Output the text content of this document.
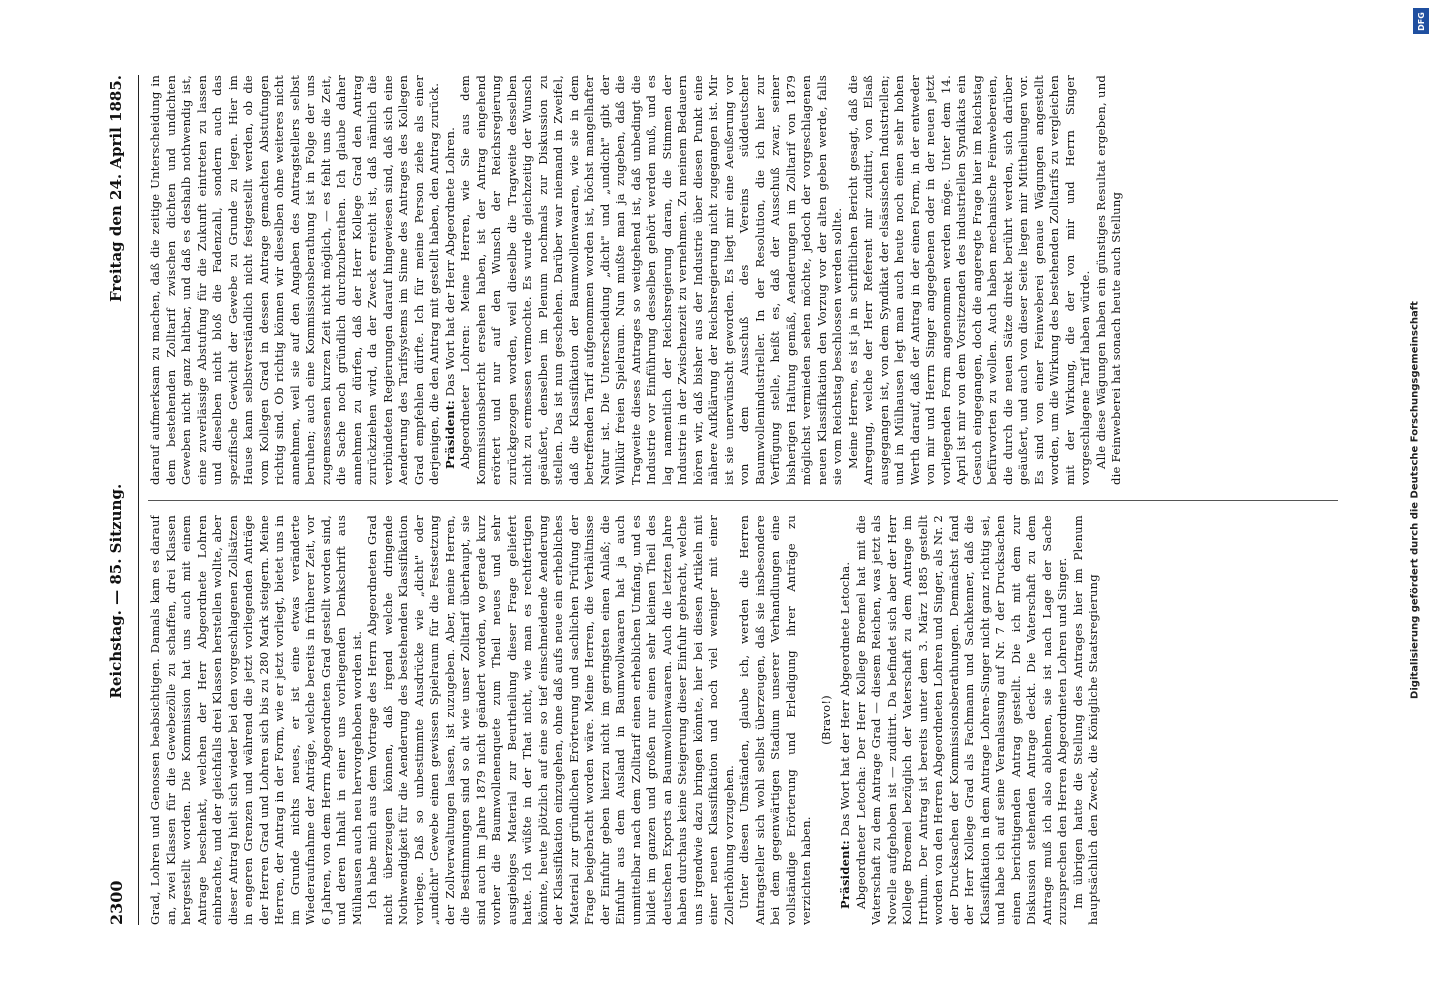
2300
Reichstag. — 85. Sitzung.
Freitag den 24. April 1885.

Grad, Lohren und Genossen beabsichtigen. Damals kam es darauf an, zwei Klassen für die Gewebezölle zu schaffen, drei Klassen hergestellt worden. Die Kommission hat uns auch mit einem Antrage beschenkt, welchen der Herr Abgeordnete Lohren einbrachte, und der gleichfalls drei Klassen herstellen wollte, aber dieser Antrag hielt sich wieder bei den vorgeschlagenen Zollsätzen in engeren Grenzen und während die jetzt vorliegenden Anträge der Herren Grad und Lohren sich bis zu 280 Mark steigern. Meine Herren, der Antrag in der Form, wie er jetzt vorliegt, bietet uns in im Grunde nichts neues, er ist eine etwas veränderte Wiederaufnahme der Anträge, welche bereits in früherer Zeit, vor 6 Jahren, von dem Herrn Abgeordneten Grad gestellt worden sind, und deren Inhalt in einer uns vorliegenden Denkschrift aus Mülhausen auch neu hervorgehoben worden ist. Ich habe mich aus dem Vortrage des Herrn Abgeordneten Grad nicht überzeugen können, daß irgend welche dringende Nothwendigkeit für die Aenderung des bestehenden Klassifikation vorliege. Daß so unbestimmte Ausdrücke wie „dicht" oder „undicht" Gewebe einen gewissen Spielraum für die Festsetzung der Zollverwaltungen lassen, ist zuzugeben. Aber, meine Herren, die Bestimmungen sind so alt wie unser Zolltarif überhaupt, sie sind auch im Jahre 1879 nicht geändert worden, wo gerade kurz vorher die Baumwollenenquete zum Theil neues und sehr ausgiebiges Material zur Beurtheilung dieser Frage geliefert hatte. Ich wüßte in der That nicht, wie man es rechtfertigen könnte, heute plötzlich auf eine so tief einschneidende Aenderung der Klassifikation einzugehen, ohne daß aufs neue ein erhebliches Material zur gründlichen Erörterung und sachlichen Prüfung der Frage beigebracht worden wäre. Meine Herren, die Verhältnisse der Einfuhr geben hierzu nicht im geringsten einen Anlaß; die Einfuhr aus dem Ausland in Baumwollwaaren hat ja auch unmittelbar nach dem Zolltarif einen erheblichen Umfang, und es bildet im ganzen und großen nur einen sehr kleinen Theil des deutschen Exports an Baumwollenwaaren. Auch die letzten Jahre haben durchaus keine Steigerung dieser Einfuhr gebracht, welche uns irgendwie dazu bringen könnte, hier bei diesen Artikeln mit einer neuen Klassifikation und noch viel weniger mit einer Zollerhöhung vorzugehen. Unter diesen Umständen, glaube ich, werden die Herren Antragsteller sich wohl selbst überzeugen, daß sie insbesondere bei dem gegenwärtigen Stadium unserer Verhandlungen eine vollständige Erörterung und Erledigung ihrer Anträge zu verzichten haben.

(Bravo!)

Präsident: Das Wort hat der Herr Abgeordnete Letocha. Abgeordneter Letocha: Der Herr Kollege Broemel hat mit die Vaterschaft zu dem Antrage Grad — diesem Reichen, was jetzt als Novelle aufgehoben ist — zuditirt. Da befindet sich aber der Herr Kollege Broemel bezüglich der Vaterschaft zu dem Antrage im Irrthum. Der Antrag ist bereits unter dem 3. März 1885 gestellt worden von den Herren Abgeordneten Lohren und Singer, als Nr. 2 der Drucksachen der Kommissionsberathungen. Demnächst fand der Herr Kollege Grad als Fachmann und Sachkenner, daß die Klassifikation in dem Antrage Lohren-Singer nicht ganz richtig sei, und habe ich auf seine Veranlassung auf Nr. 7 der Drucksachen einen berichtigenden Antrag gestellt. Die ich mit dem zur Diskussion stehenden Antrage deckt. Die Vaterschaft zu dem Antrage muß ich also ablehnen, sie ist nach Lage der Sache zuzusprechen den Herren Abgeordneten Lohren und Singer. Im übrigen hatte die Stellung des Antrages hier im Plenum hauptsächlich den Zweck, die Königliche Staatsregierung

darauf aufmerksam zu machen, daß die zeitige Unterscheidung in dem bestehenden Zolltarif zwischen dichten und undichten Geweben nicht ganz haltbar, und daß es deshalb nothwendig ist, eine zuverlässige Abstufung für die Zukunft eintreten zu lassen und dieselben nicht bloß die Fadenzahl, sondern auch das spezifische Gewicht der Gewebe zu Grunde zu legen. Hier im Hause kann selbstverständlich nicht festgestellt werden, ob die vom Kollegen Grad in dessen Antrage gemachten Abstufungen richtig sind. Ob richtig können wir dieselben ohne weiteres nicht annehmen, weil sie auf den Angaben des Antragstellers selbst beruhen; auch eine Kommissionsberathung ist in Folge der uns zugemessenen kurzen Zeit nicht möglich, — es fehlt uns die Zeit, die Sache noch gründlich durchzuberathen. Ich glaube daher annehmen zu dürfen, daß der Herr Kollege Grad den Antrag zurückziehen wird, da der Zweck erreicht ist, daß nämlich die verbündeten Regierungen darauf hingewiesen sind, daß sich eine Aenderung des Tarifsystems im Sinne des Antrages des Kollegen Grad empfehlen dürfte. Ich für meine Person ziehe als einer derjenigen, die den Antrag mit gestellt haben, den Antrag zurück. Präsident: Das Wort hat der Herr Abgeordnete Lohren. Abgeordneter Lohren: Meine Herren, wie Sie aus dem Kommissionsbericht ersehen haben, ist der Antrag eingehend erörtert und nur auf den Wunsch der Reichsregierung zurückgezogen worden, weil dieselbe die Tragweite desselben nicht zu ermessen vermochte. Es wurde gleichzeitig der Wunsch geäußert, denselben im Plenum nochmals zur Diskussion zu stellen. Das ist nun geschehen. Darüber war niemand in Zweifel, daß die Klassifikation der Baumwollenwaaren, wie sie in dem betreffenden Tarif aufgenommen worden ist, höchst mangelhafter Natur ist. Die Unterscheidung „dicht" und „undicht" gibt der Willkür freien Spielraum. Nun mußte man ja zugeben, daß die Tragweite dieses Antrages so weitgehend ist, daß unbedingt die Industrie vor Einführung desselben gehört werden muß, und es lag namentlich der Reichsregierung daran, die Stimmen der Industrie in der Zwischenzeit zu vernehmen. Zu meinem Bedauern hören wir, daß bisher aus der Industrie über diesen Punkt eine nähere Aufklärung der Reichsregierung nicht zugegangen ist. Mir ist sie unerwünscht geworden. Es liegt mir eine Aeußerung vor von dem Ausschuß des Vereins süddeutscher Baumwollenindustrieller. In der Resolution, die ich hier zur Verfügung stelle, heißt es, daß der Ausschuß zwar, seiner bisherigen Haltung gemäß, Aenderungen im Zolltarif von 1879 möglichst vermieden sehen möchte, jedoch der vorgeschlagenen neuen Klassifikation den Vorzug vor der alten geben werde, falls sie vom Reichstag beschlossen werden sollte. Meine Herren, es ist ja in schriftlichen Bericht gesagt, daß die Anregung, welche der Herr Referent mir zuditirt, von Elsaß ausgegangen ist, von dem Syndikat der elsässischen Industriellen; und in Mülhausen legt man auch heute noch einen sehr hohen Werth darauf, daß der Antrag in der einen Form, in der entweder von mir und Herrn Singer angegebenen oder in der neuen jetzt vorliegenden Form angenommen werden möge. Unter dem 14. April ist mir von dem Vorsitzenden des industriellen Syndikats ein Gesuch eingegangen, doch die angeregte Frage hier im Reichstag befürworten zu wollen. Auch haben mechanische Feinwebereien, die durch die neuen Sätze direkt berührt werden, sich darüber geäußert, und auch von dieser Seite liegen mir Mittheilungen vor. Es sind von einer Feinweberei genaue Wägungen angestellt worden, um die Wirkung des bestehenden Zolltarifs zu vergleichen mit der Wirkung, die der von mir und Herrn Singer vorgeschlagene Tarif haben würde. Alle diese Wägungen haben ein günstiges Resultat ergeben, und die Feinweberei hat sonach heute auch Stellung	Digitalisierung gefördert durch die Deutsche Forschungsgemeinschaft
DFG
